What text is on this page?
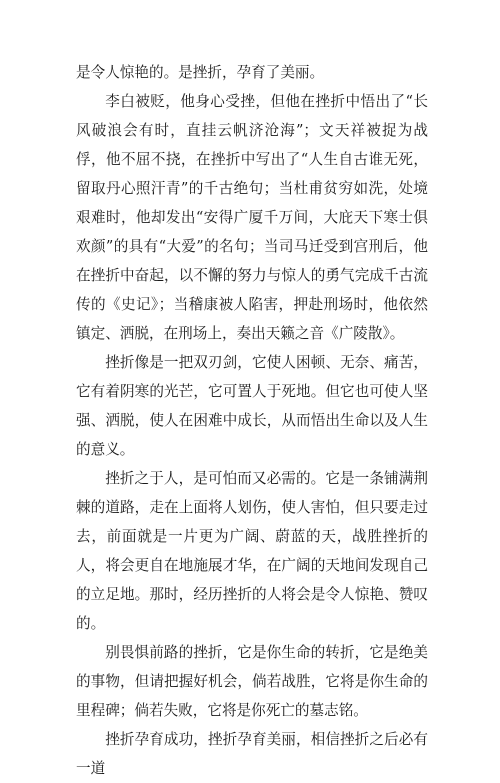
是令人惊艳的。是挫折，孕育了美丽。

李白被贬，他身心受挫，但他在挫折中悟出了“长风破浪会有时，直挂云帆济沧海”；文天祥被捉为战俘，他不屈不挠，在挫折中写出了“人生自古谁无死，留取丹心照汗青”的千古绝句；当杜甫贫穷如洗，处境艰难时，他却发出“安得广厦千万间，大庇天下寒士俱欢颜”的具有“大爱”的名句；当司马迁受到宫刑后，他在挫折中奋起，以不懈的努力与惊人的勇气完成千古流传的《史记》；当稽康被人陷害，押赴刑场时，他依然镇定、洒脱，在刑场上，奏出天籁之音《广陵散》。

挫折像是一把双刃剑，它使人困顿、无奈、痛苦，它有着阴寒的光芒，它可置人于死地。但它也可使人坚强、洒脱，使人在困难中成长，从而悟出生命以及人生的意义。

挫折之于人，是可怕而又必需的。它是一条铺满荆棘的道路，走在上面将人划伤，使人害怕，但只要走过去，前面就是一片更为广阔、蔚蓝的天，战胜挫折的人，将会更自在地施展才华，在广阔的天地间发现自己的立足地。那时，经历挫折的人将会是令人惊艳、赞叹的。

别畏惧前路的挫折，它是你生命的转折，它是绝美的事物，但请把握好机会，倘若战胜，它将是你生命的里程碑；倘若失败，它将是你死亡的墓志铭。

挫折孕育成功，挫折孕育美丽，相信挫折之后必有一道
